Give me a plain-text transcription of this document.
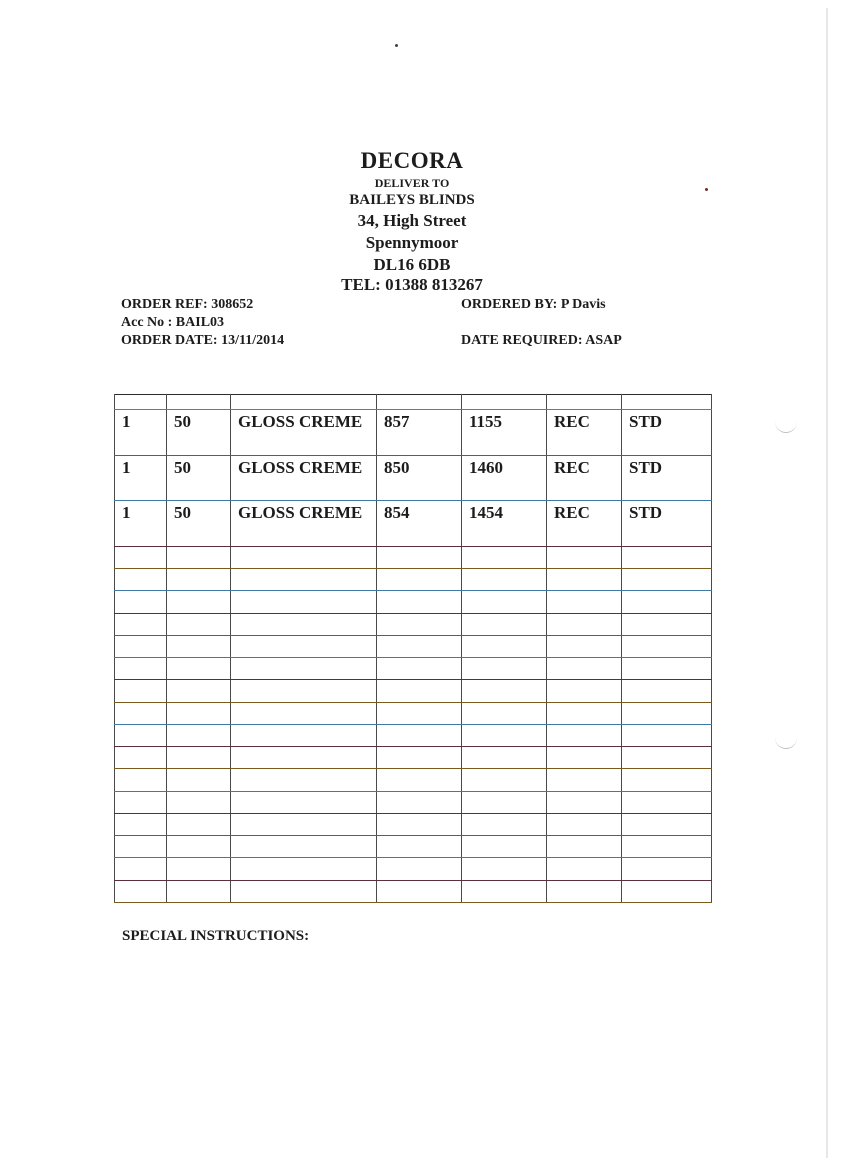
DECORA
DELIVER TO
BAILEYS BLINDS
34, High Street
Spennymoor
DL16 6DB
TEL: 01388 813267
ORDER REF: 308652
Acc No : BAIL03
ORDER DATE: 13/11/2014
ORDERED BY: P Davis
DATE REQUIRED: ASAP

1	50	GLOSS CREME	857	1155	REC	STD
1	50	GLOSS CREME	850	1460	REC	STD
1	50	GLOSS CREME	854	1454	REC	STD

SPECIAL INSTRUCTIONS:
